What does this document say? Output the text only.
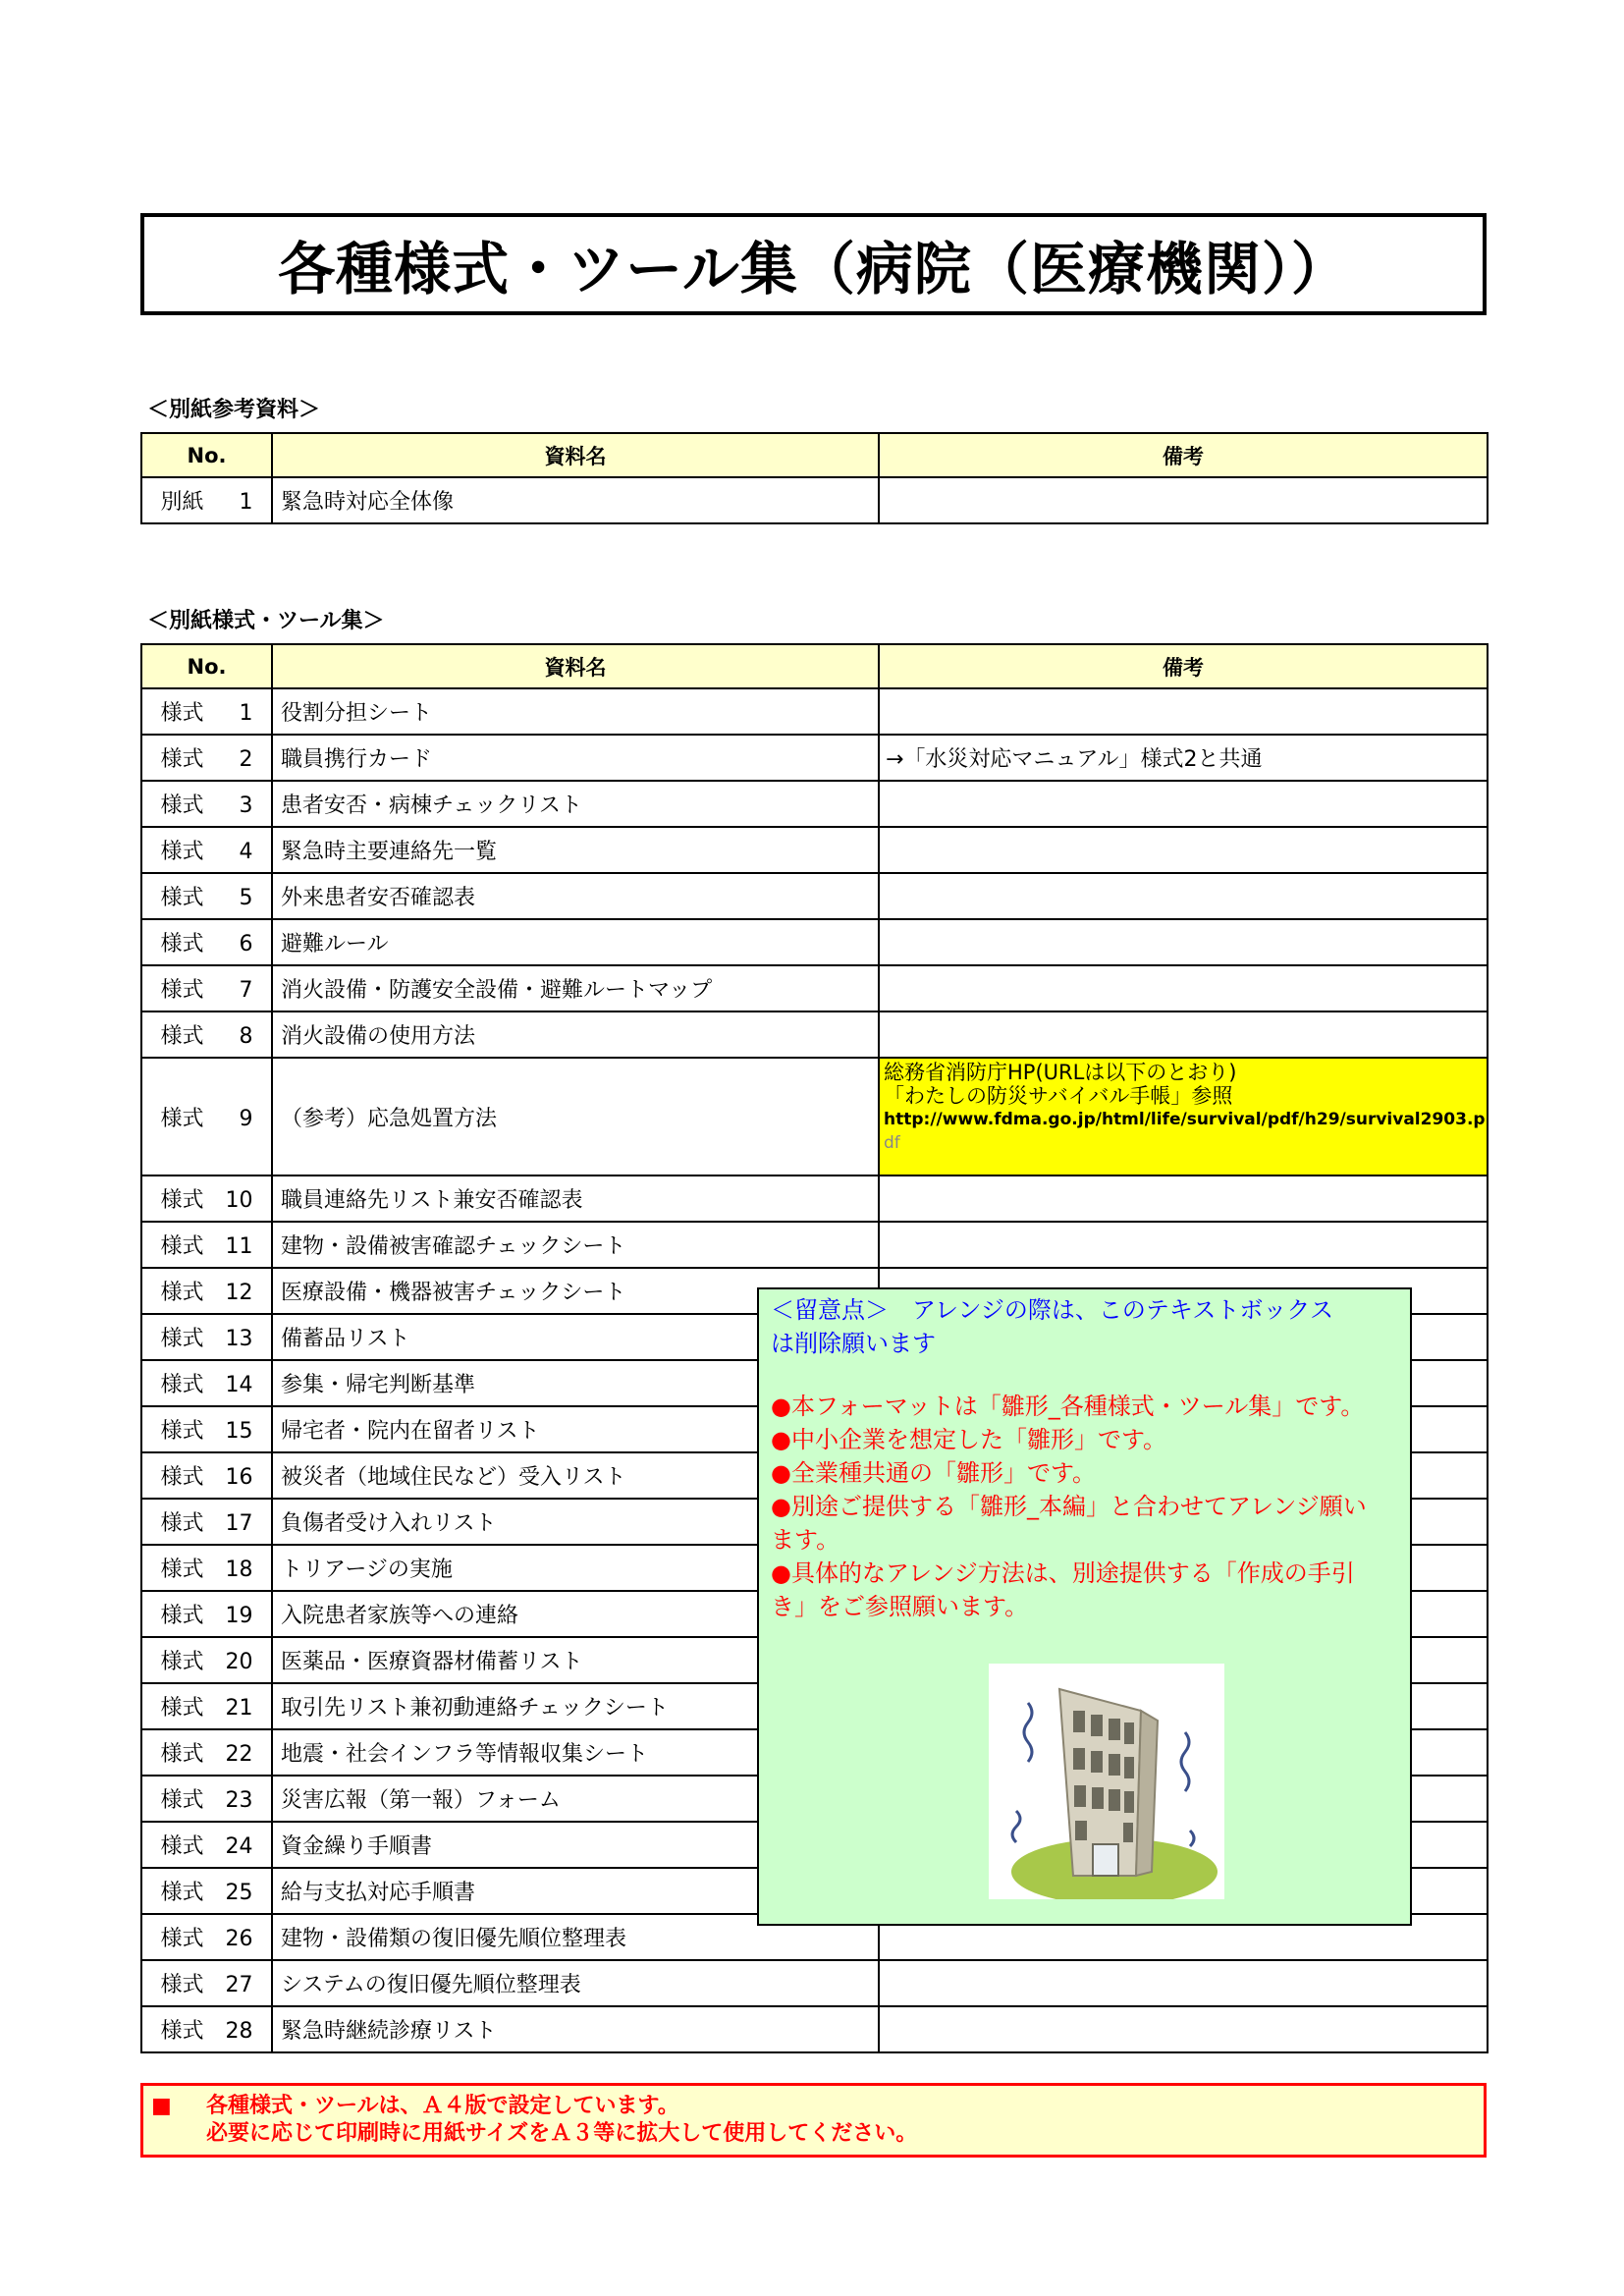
各種様式・ツール集（病院（医療機関））
＜別紙参考資料＞
No.	資料名	備考
別紙 1	緊急時対応全体像	
＜別紙様式・ツール集＞
No.	資料名	備考
様式 1	役割分担シート	
様式 2	職員携行カード	→「水災対応マニュアル」様式2と共通
様式 3	患者安否・病棟チェックリスト	
様式 4	緊急時主要連絡先一覧	
様式 5	外来患者安否確認表	
様式 6	避難ルール	
様式 7	消火設備・防護安全設備・避難ルートマップ	
様式 8	消火設備の使用方法	
様式 9	（参考）応急処置方法	総務省消防庁HP(URLは以下のとおり)
「わたしの防災サバイバル手帳」参照
http://www.fdma.go.jp/html/life/survival/pdf/h29/survival2903.p
df

様式 10	職員連絡先リスト兼安否確認表	
様式 11	建物・設備被害確認チェックシート	
様式 12	医療設備・機器被害チェックシート	
様式 13	備蓄品リスト	
様式 14	参集・帰宅判断基準	
様式 15	帰宅者・院内在留者リスト	
様式 16	被災者（地域住民など）受入リスト	
様式 17	負傷者受け入れリスト	
様式 18	トリアージの実施	
様式 19	入院患者家族等への連絡	
様式 20	医薬品・医療資器材備蓄リスト	
様式 21	取引先リスト兼初動連絡チェックシート	
様式 22	地震・社会インフラ等情報収集シート	
様式 23	災害広報（第一報）フォーム	
様式 24	資金繰り手順書	
様式 25	給与支払対応手順書	
様式 26	建物・設備類の復旧優先順位整理表	
様式 27	システムの復旧優先順位整理表	
様式 28	緊急時継続診療リスト	
＜留意点＞　アレンジの際は、このテキストボックス
は削除願います
●本フォーマットは「雛形_各種様式・ツール集」です。
●中小企業を想定した「雛形」です。
●全業種共通の「雛形」です。
●別途ご提供する「雛形_本編」と合わせてアレンジ願い
ます。
●具体的なアレンジ方法は、別途提供する「作成の手引
き」をご参照願います。
■	各種様式・ツールは、Ａ４版で設定しています。
必要に応じて印刷時に用紙サイズをＡ３等に拡大して使用してください。
